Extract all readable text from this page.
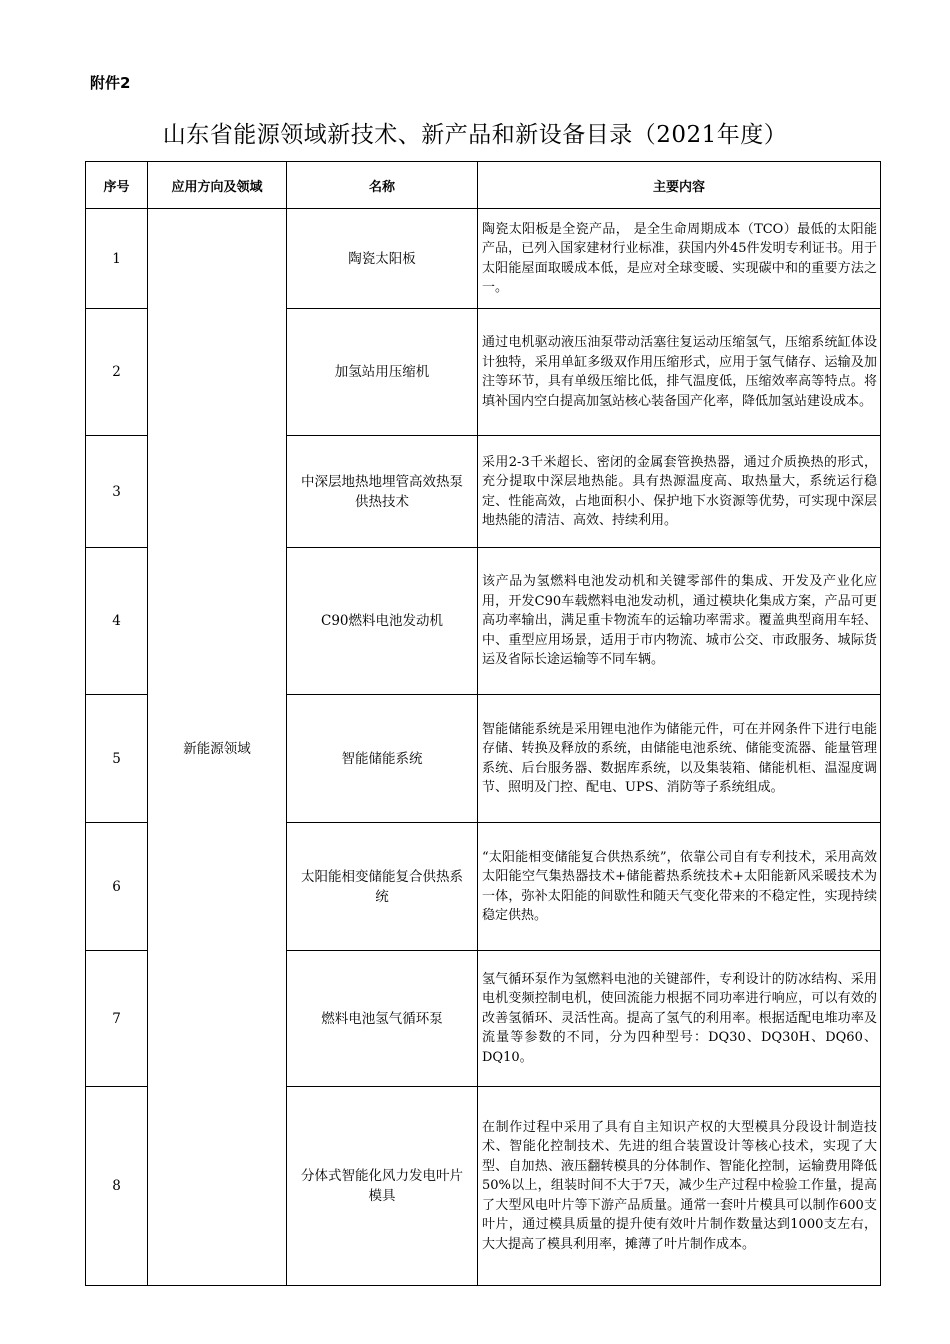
附件2
山东省能源领域新技术、新产品和新设备目录（2021年度）
序号	应用方向及领域	名称	主要内容
1	新能源领域	陶瓷太阳板	陶瓷太阳板是全瓷产品， 是全生命周期成本（TCO）最低的太阳能产品，已列入国家建材行业标准，获国内外45件发明专利证书。用于太阳能屋面取暖成本低，是应对全球变暖、实现碳中和的重要方法之一。
2		加氢站用压缩机	通过电机驱动液压油泵带动活塞往复运动压缩氢气，压缩系统缸体设计独特，采用单缸多级双作用压缩形式，应用于氢气储存、运输及加注等环节，具有单级压缩比低，排气温度低，压缩效率高等特点。将填补国内空白提高加氢站核心装备国产化率，降低加氢站建设成本。
3		中深层地热地埋管高效热泵供热技术	采用2-3千米超长、密闭的金属套管换热器，通过介质换热的形式，充分提取中深层地热能。具有热源温度高、取热量大，系统运行稳定、性能高效，占地面积小、保护地下水资源等优势，可实现中深层地热能的清洁、高效、持续利用。
4		C90燃料电池发动机	该产品为氢燃料电池发动机和关键零部件的集成、开发及产业化应用，开发C90车载燃料电池发动机，通过模块化集成方案，产品可更高功率输出，满足重卡物流车的运输功率需求。覆盖典型商用车轻、中、重型应用场景，适用于市内物流、城市公交、市政服务、城际货运及省际长途运输等不同车辆。
5		智能储能系统	智能储能系统是采用锂电池作为储能元件，可在并网条件下进行电能存储、转换及释放的系统，由储能电池系统、储能变流器、能量管理系统、后台服务器、数据库系统，以及集装箱、储能机柜、温湿度调节、照明及门控、配电、UPS、消防等子系统组成。
6		太阳能相变储能复合供热系统	“太阳能相变储能复合供热系统”，依靠公司自有专利技术，采用高效太阳能空气集热器技术+储能蓄热系统技术+太阳能新风采暖技术为一体，弥补太阳能的间歇性和随天气变化带来的不稳定性，实现持续稳定供热。
7		燃料电池氢气循环泵	氢气循环泵作为氢燃料电池的关键部件，专利设计的防冰结构、采用电机变频控制电机，使回流能力根据不同功率进行响应，可以有效的改善氢循环、灵活性高。提高了氢气的利用率。根据适配电堆功率及流量等参数的不同，分为四种型号：DQ30、DQ30H、DQ60、DQ10。
8		分体式智能化风力发电叶片模具	在制作过程中采用了具有自主知识产权的大型模具分段设计制造技术、智能化控制技术、先进的组合装置设计等核心技术，实现了大型、自加热、液压翻转模具的分体制作、智能化控制，运输费用降低50%以上，组装时间不大于7天，减少生产过程中检验工作量，提高了大型风电叶片等下游产品质量。通常一套叶片模具可以制作600支叶片，通过模具质量的提升使有效叶片制作数量达到1000支左右，大大提高了模具利用率，摊薄了叶片制作成本。
